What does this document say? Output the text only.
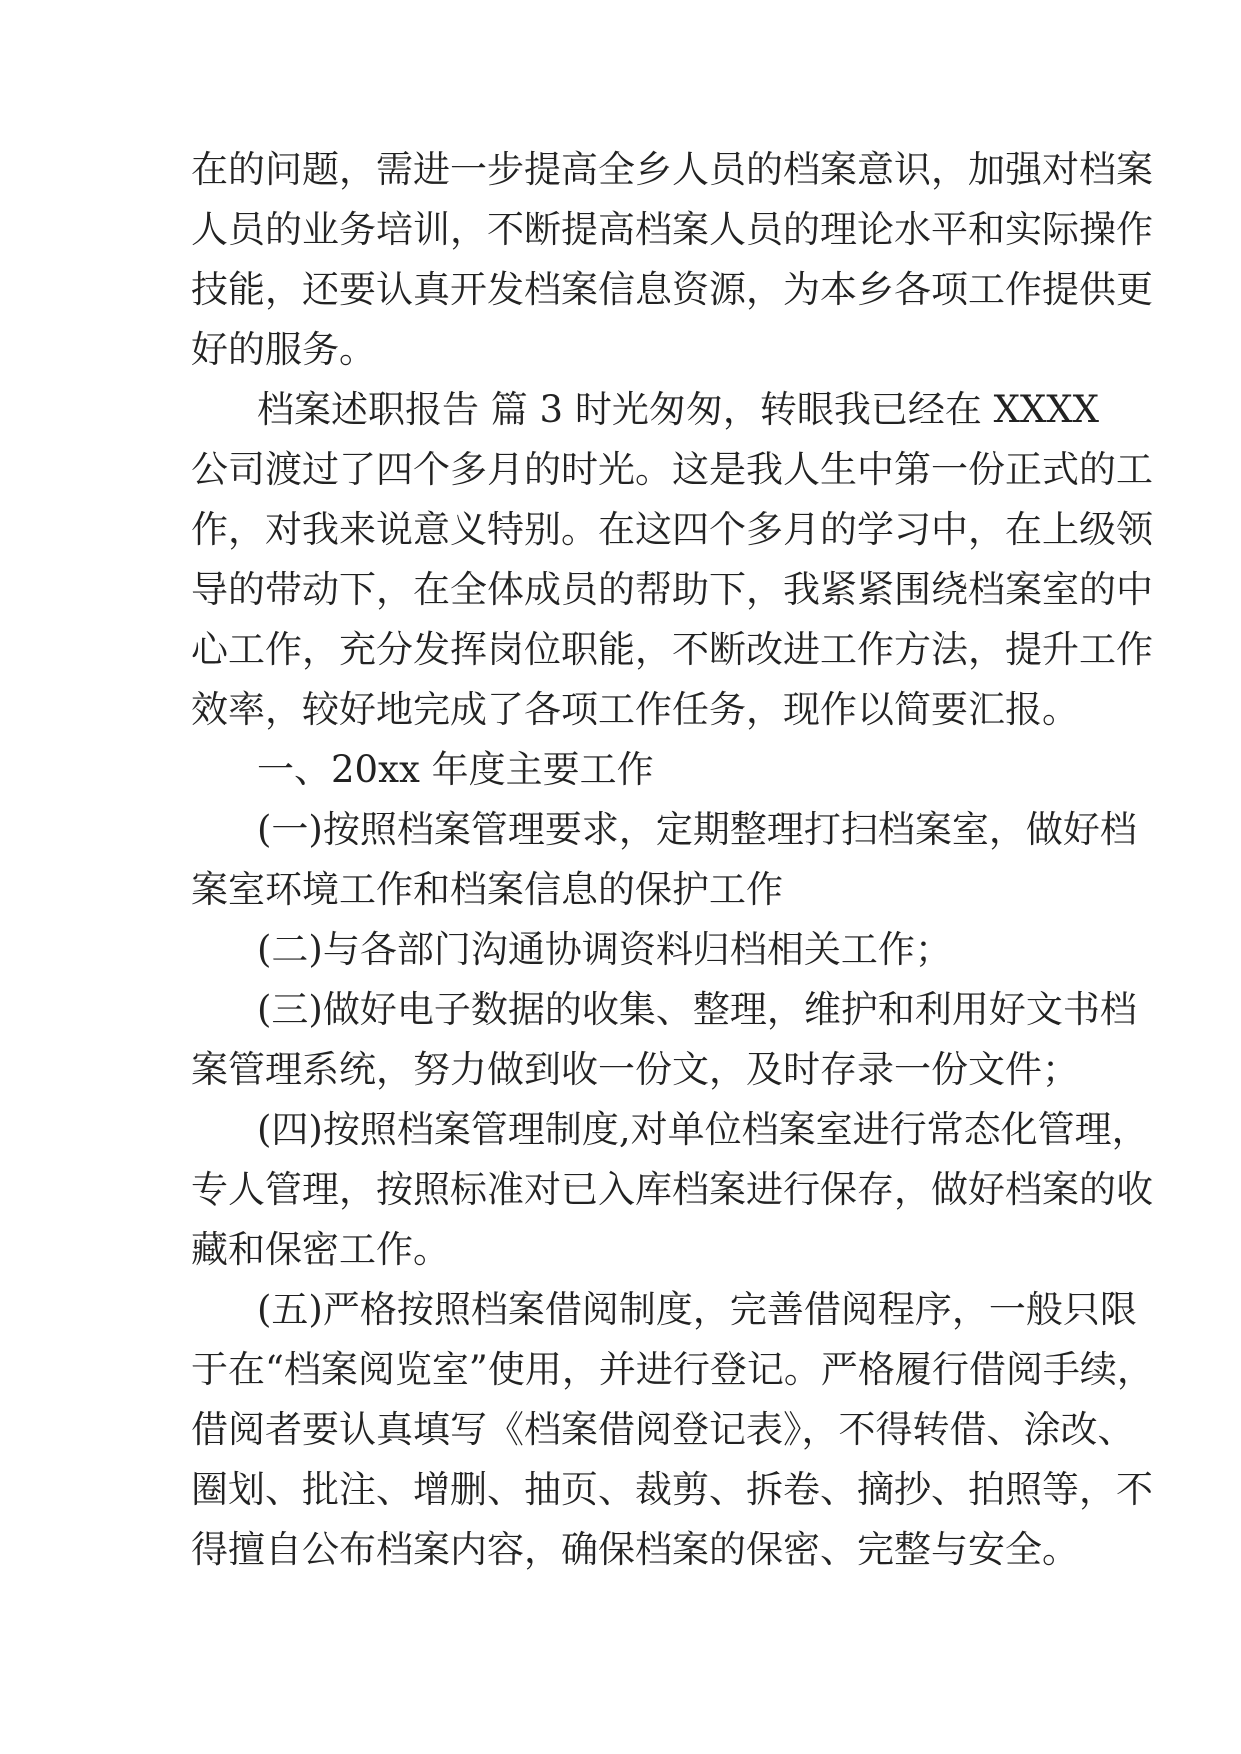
在的问题，需进一步提高全乡人员的档案意识，加强对档案
人员的业务培训，不断提高档案人员的理论水平和实际操作
技能，还要认真开发档案信息资源，为本乡各项工作提供更
好的服务。
档案述职报告 篇 3 时光匆匆，转眼我已经在 XXXX
公司渡过了四个多月的时光。这是我人生中第一份正式的工
作，对我来说意义特别。在这四个多月的学习中，在上级领
导的带动下，在全体成员的帮助下，我紧紧围绕档案室的中
心工作，充分发挥岗位职能，不断改进工作方法，提升工作
效率，较好地完成了各项工作任务，现作以简要汇报。
一、20xx 年度主要工作
(一)按照档案管理要求，定期整理打扫档案室，做好档
案室环境工作和档案信息的保护工作
(二)与各部门沟通协调资料归档相关工作；
(三)做好电子数据的收集、整理，维护和利用好文书档
案管理系统，努力做到收一份文，及时存录一份文件；
(四)按照档案管理制度,对单位档案室进行常态化管理，
专人管理，按照标准对已入库档案进行保存，做好档案的收
藏和保密工作。
(五)严格按照档案借阅制度，完善借阅程序，一般只限
于在“档案阅览室”使用，并进行登记。严格履行借阅手续，
借阅者要认真填写《档案借阅登记表》，不得转借、涂改、
圈划、批注、增删、抽页、裁剪、拆卷、摘抄、拍照等，不
得擅自公布档案内容，确保档案的保密、完整与安全。
